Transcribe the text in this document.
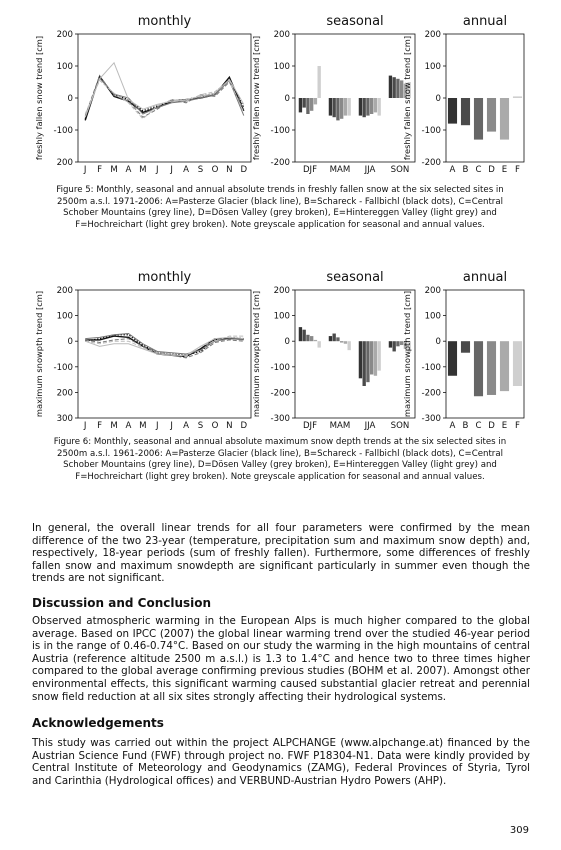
freshly fallen snow trend [cm]
200
100
0
-100
200
monthly
J F M A M J J A S O N D
freshly fallen snow trend [cm]
200
100
0
-100
-200
seasonal
DJF MAM JJA SON
freshly fallen snow trend [cm]
200
100
0
-100
-200
annual
A B C D E F
Figure 5: Monthly, seasonal and annual absolute trends in freshly fallen snow at the six selected sites in 2500m a.s.l. 1971-2006: A=Pasterze Glacier (black line), B=Schareck - Fallbichl (black dots), C=Central Schober Mountains (grey line), D=Dösen Valley (grey broken), E=Hintereggen Valley (light grey) and F=Hochreichart (light grey broken). Note greyscale application for seasonal and annual values.
maximum snowpth trend [cm] 200
100
0
-100
200
300
monthly
J F M A M J J A S O N D
maximum snowpth trend [cm] 200
100
0
-100
-200
-300
seasonal
DJF MAM JJA SON
maximum snowpth trend [cm] 200
100
0
-100
-200
-300
annual
A B C D E F
Figure 6: Monthly, seasonal and annual absolute maximum snow depth trends at the six selected sites in 2500m a.s.l. 1961-2006: A=Pasterze Glacier (black line), B=Schareck - Fallbichl (black dots), C=Central Schober Mountains (grey line), D=Dösen Valley (grey broken), E=Hintereggen Valley (light grey) and F=Hochreichart (light grey broken). Note greyscale application for seasonal and annual values.

In general, the overall linear trends for all four parameters were confirmed by the mean difference of the two 23-year (temperature, precipitation sum and maximum snow depth) and, respectively, 18-year periods (sum of freshly fallen). Furthermore, some differences of freshly fallen snow and maximum snowdepth are significant particularly in summer even though the trends are not significant.

Discussion and Conclusion

Observed atmospheric warming in the European Alps is much higher compared to the global average. Based on IPCC (2007) the global linear warming trend over the studied 46-year period is in the range of 0.46-0.74°C. Based on our study the warming in the high mountains of central Austria (reference altitude 2500 m a.s.l.) is 1.3 to 1.4°C and hence two to three times higher compared to the global average confirming previous studies (BOHM et al. 2007). Amongst other environmental effects, this significant warming caused substantial glacier retreat and perennial snow field reduction at all six sites strongly affecting their hydrological systems.

Acknowledgements

This study was carried out within the project ALPCHANGE (www.alpchange.at) financed by the Austrian Science Fund (FWF) through project no. FWF P18304-N1. Data were kindly provided by Central Institute of Meteorology and Geodynamics (ZAMG), Federal Provinces of Styria, Tyrol and Carinthia (Hydrological offices) and VERBUND-Austrian Hydro Powers (AHP).

309
